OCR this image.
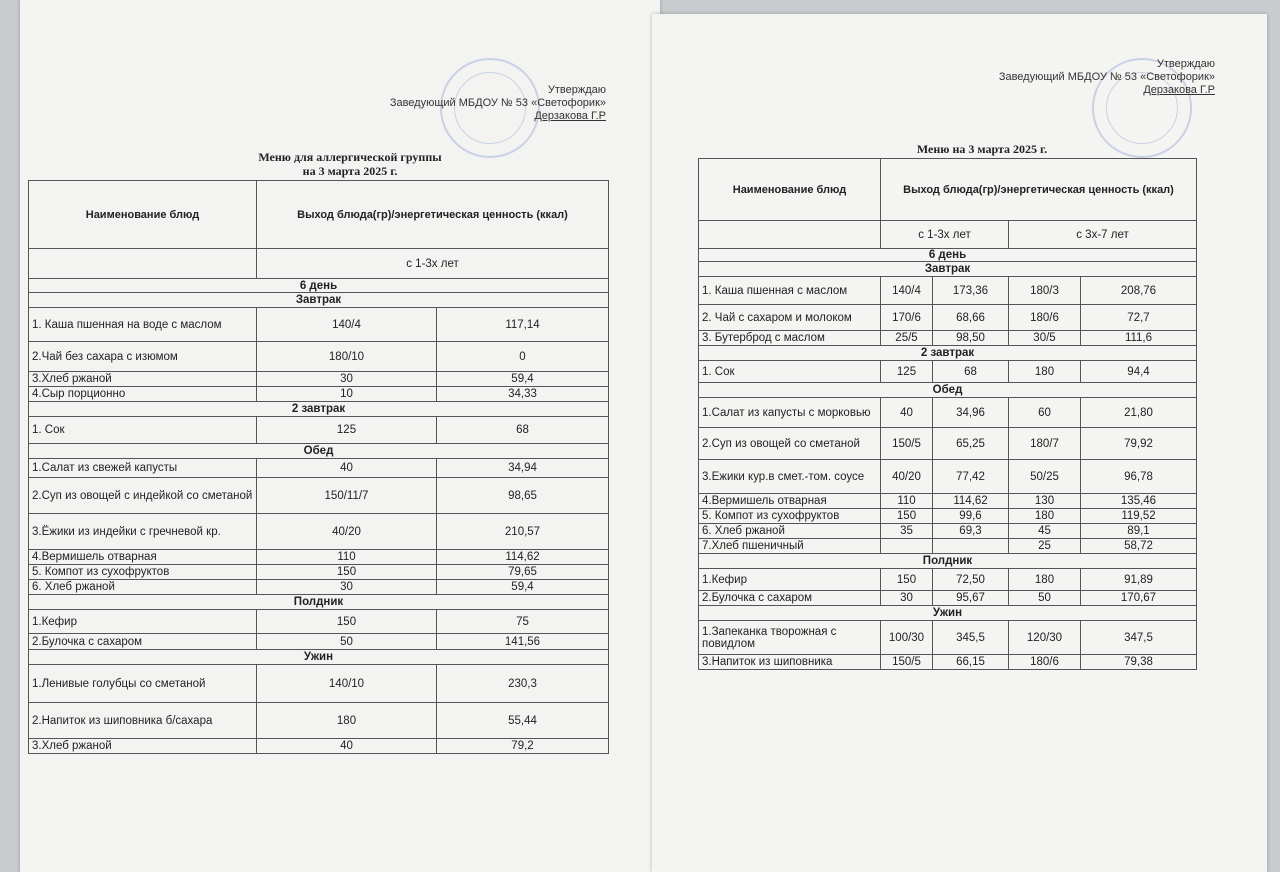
Утверждаю
Заведующий МБДОУ № 53 «Светофорик»
Дерзакова Г.Р
Меню для аллергической группы
на 3 марта 2025 г.
Наименование блюд	Выход блюда(гр)/энергетическая ценность (ккал)	
	с 1-3х лет	
6 день		
Завтрак		
1. Каша пшенная на воде с маслом	140/4	117,14
2.Чай без сахара с изюмом	180/10	0
3.Хлеб ржаной	30	59,4
4.Сыр порционно	10	34,33
2 завтрак		
1. Сок	125	68
Обед		
1.Салат из свежей капусты	40	34,94
2.Суп из овощей с индейкой со сметаной	150/11/7	98,65
3.Ёжики из индейки с гречневой кр.	40/20	210,57
4.Вермишель отварная	110	114,62
5. Компот из сухофруктов	150	79,65
6. Хлеб ржаной	30	59,4
Полдник		
1.Кефир	150	75
2.Булочка с сахаром	50	141,56
Ужин		
1.Ленивые голубцы со сметаной	140/10	230,3
2.Напиток из шиповника б/сахара	180	55,44
3.Хлеб ржаной	40	79,2
Утверждаю
Заведующий МБДОУ № 53 «Светофорик»
Дерзакова Г.Р
Меню на 3 марта 2025 г.
Наименование блюд	Выход блюда(гр)/энергетическая ценность (ккал)			
	с 1-3х лет		с 3х-7 лет	
6 день				
Завтрак				
1. Каша пшенная с маслом	140/4	173,36	180/3	208,76
2. Чай с сахаром и молоком	170/6	68,66	180/6	72,7
3. Бутерброд с маслом	25/5	98,50	30/5	111,6
2 завтрак				
1. Сок	125	68	180	94,4
Обед				
1.Салат из капусты с морковью	40	34,96	60	21,80
2.Суп из овощей со сметаной	150/5	65,25	180/7	79,92
3.Ежики кур.в смет.-том. соусе	40/20	77,42	50/25	96,78
4.Вермишель отварная	110	114,62	130	135,46
5. Компот из сухофруктов	150	99,6	180	119,52
6. Хлеб ржаной	35	69,3	45	89,1
7.Хлеб пшеничный			25	58,72
Полдник				
1.Кефир	150	72,50	180	91,89
2.Булочка с сахаром	30	95,67	50	170,67
Ужин				
1.Запеканка творожная с повидлом	100/30	345,5	120/30	347,5
3.Напиток из шиповника	150/5	66,15	180/6	79,38
